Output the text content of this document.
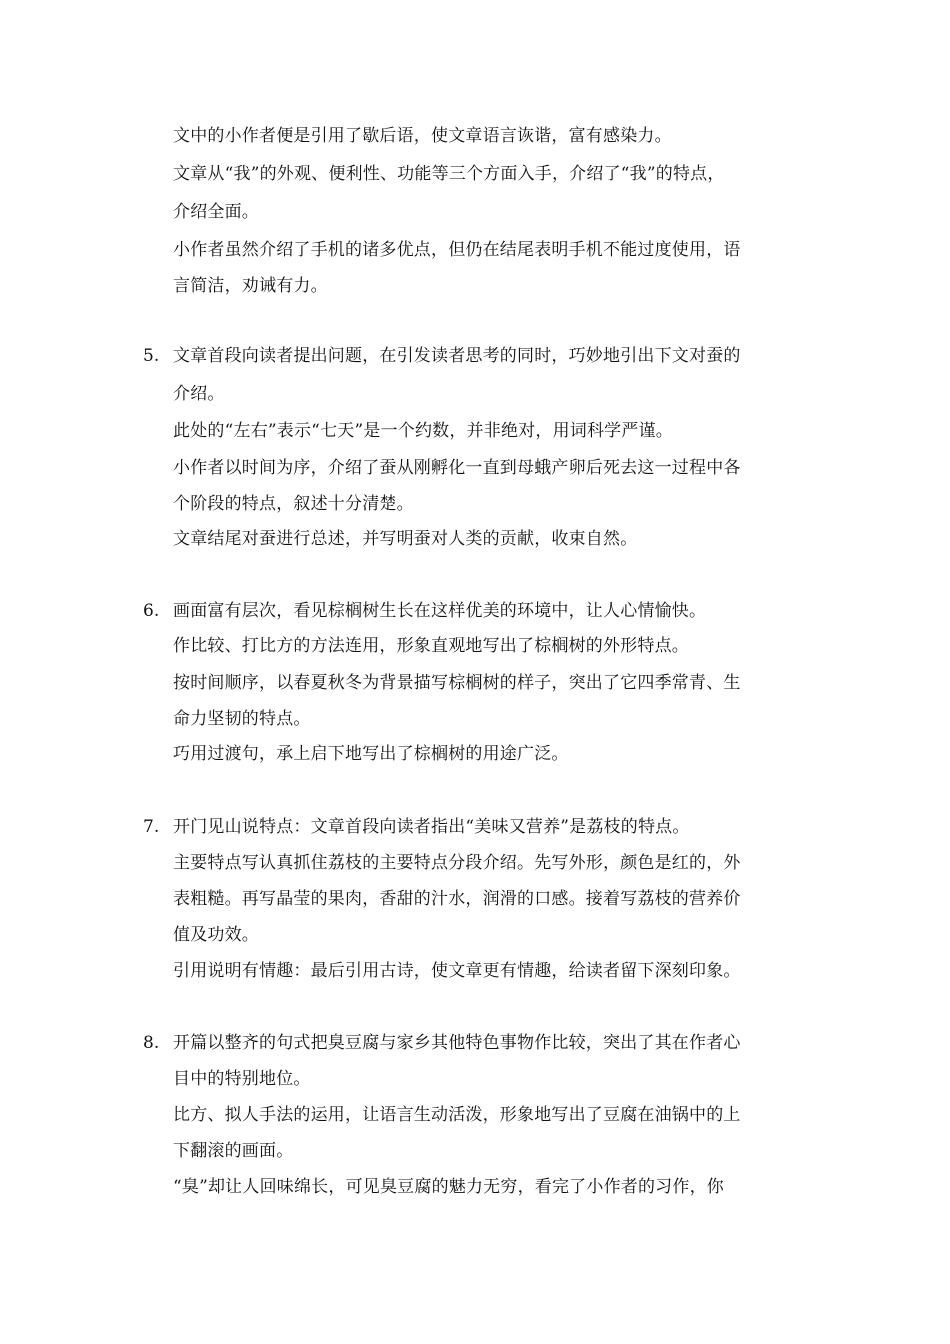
文中的小作者便是引用了歇后语，使文章语言诙谐，富有感染力。
文章从“我”的外观、便利性、功能等三个方面入手，介绍了“我”的特点，
介绍全面。
小作者虽然介绍了手机的诸多优点，但仍在结尾表明手机不能过度使用，语
言简洁，劝诫有力。
5. 文章首段向读者提出问题，在引发读者思考的同时，巧妙地引出下文对蚕的
介绍。
此处的“左右”表示“七天”是一个约数，并非绝对，用词科学严谨。
小作者以时间为序，介绍了蚕从刚孵化一直到母蛾产卵后死去这一过程中各
个阶段的特点，叙述十分清楚。
文章结尾对蚕进行总述，并写明蚕对人类的贡献，收束自然。
6. 画面富有层次，看见棕榈树生长在这样优美的环境中，让人心情愉快。
作比较、打比方的方法连用，形象直观地写出了棕榈树的外形特点。
按时间顺序，以春夏秋冬为背景描写棕榈树的样子，突出了它四季常青、生
命力坚韧的特点。
巧用过渡句，承上启下地写出了棕榈树的用途广泛。
7. 开门见山说特点：文章首段向读者指出“美味又营养”是荔枝的特点。
主要特点写认真抓住荔枝的主要特点分段介绍。先写外形，颜色是红的，外
表粗糙。再写晶莹的果肉，香甜的汁水，润滑的口感。接着写荔枝的营养价
值及功效。
引用说明有情趣：最后引用古诗，使文章更有情趣，给读者留下深刻印象。
8. 开篇以整齐的句式把臭豆腐与家乡其他特色事物作比较，突出了其在作者心
目中的特别地位。
比方、拟人手法的运用，让语言生动活泼，形象地写出了豆腐在油锅中的上
下翻滚的画面。
“臭”却让人回味绵长，可见臭豆腐的魅力无穷，看完了小作者的习作，你
